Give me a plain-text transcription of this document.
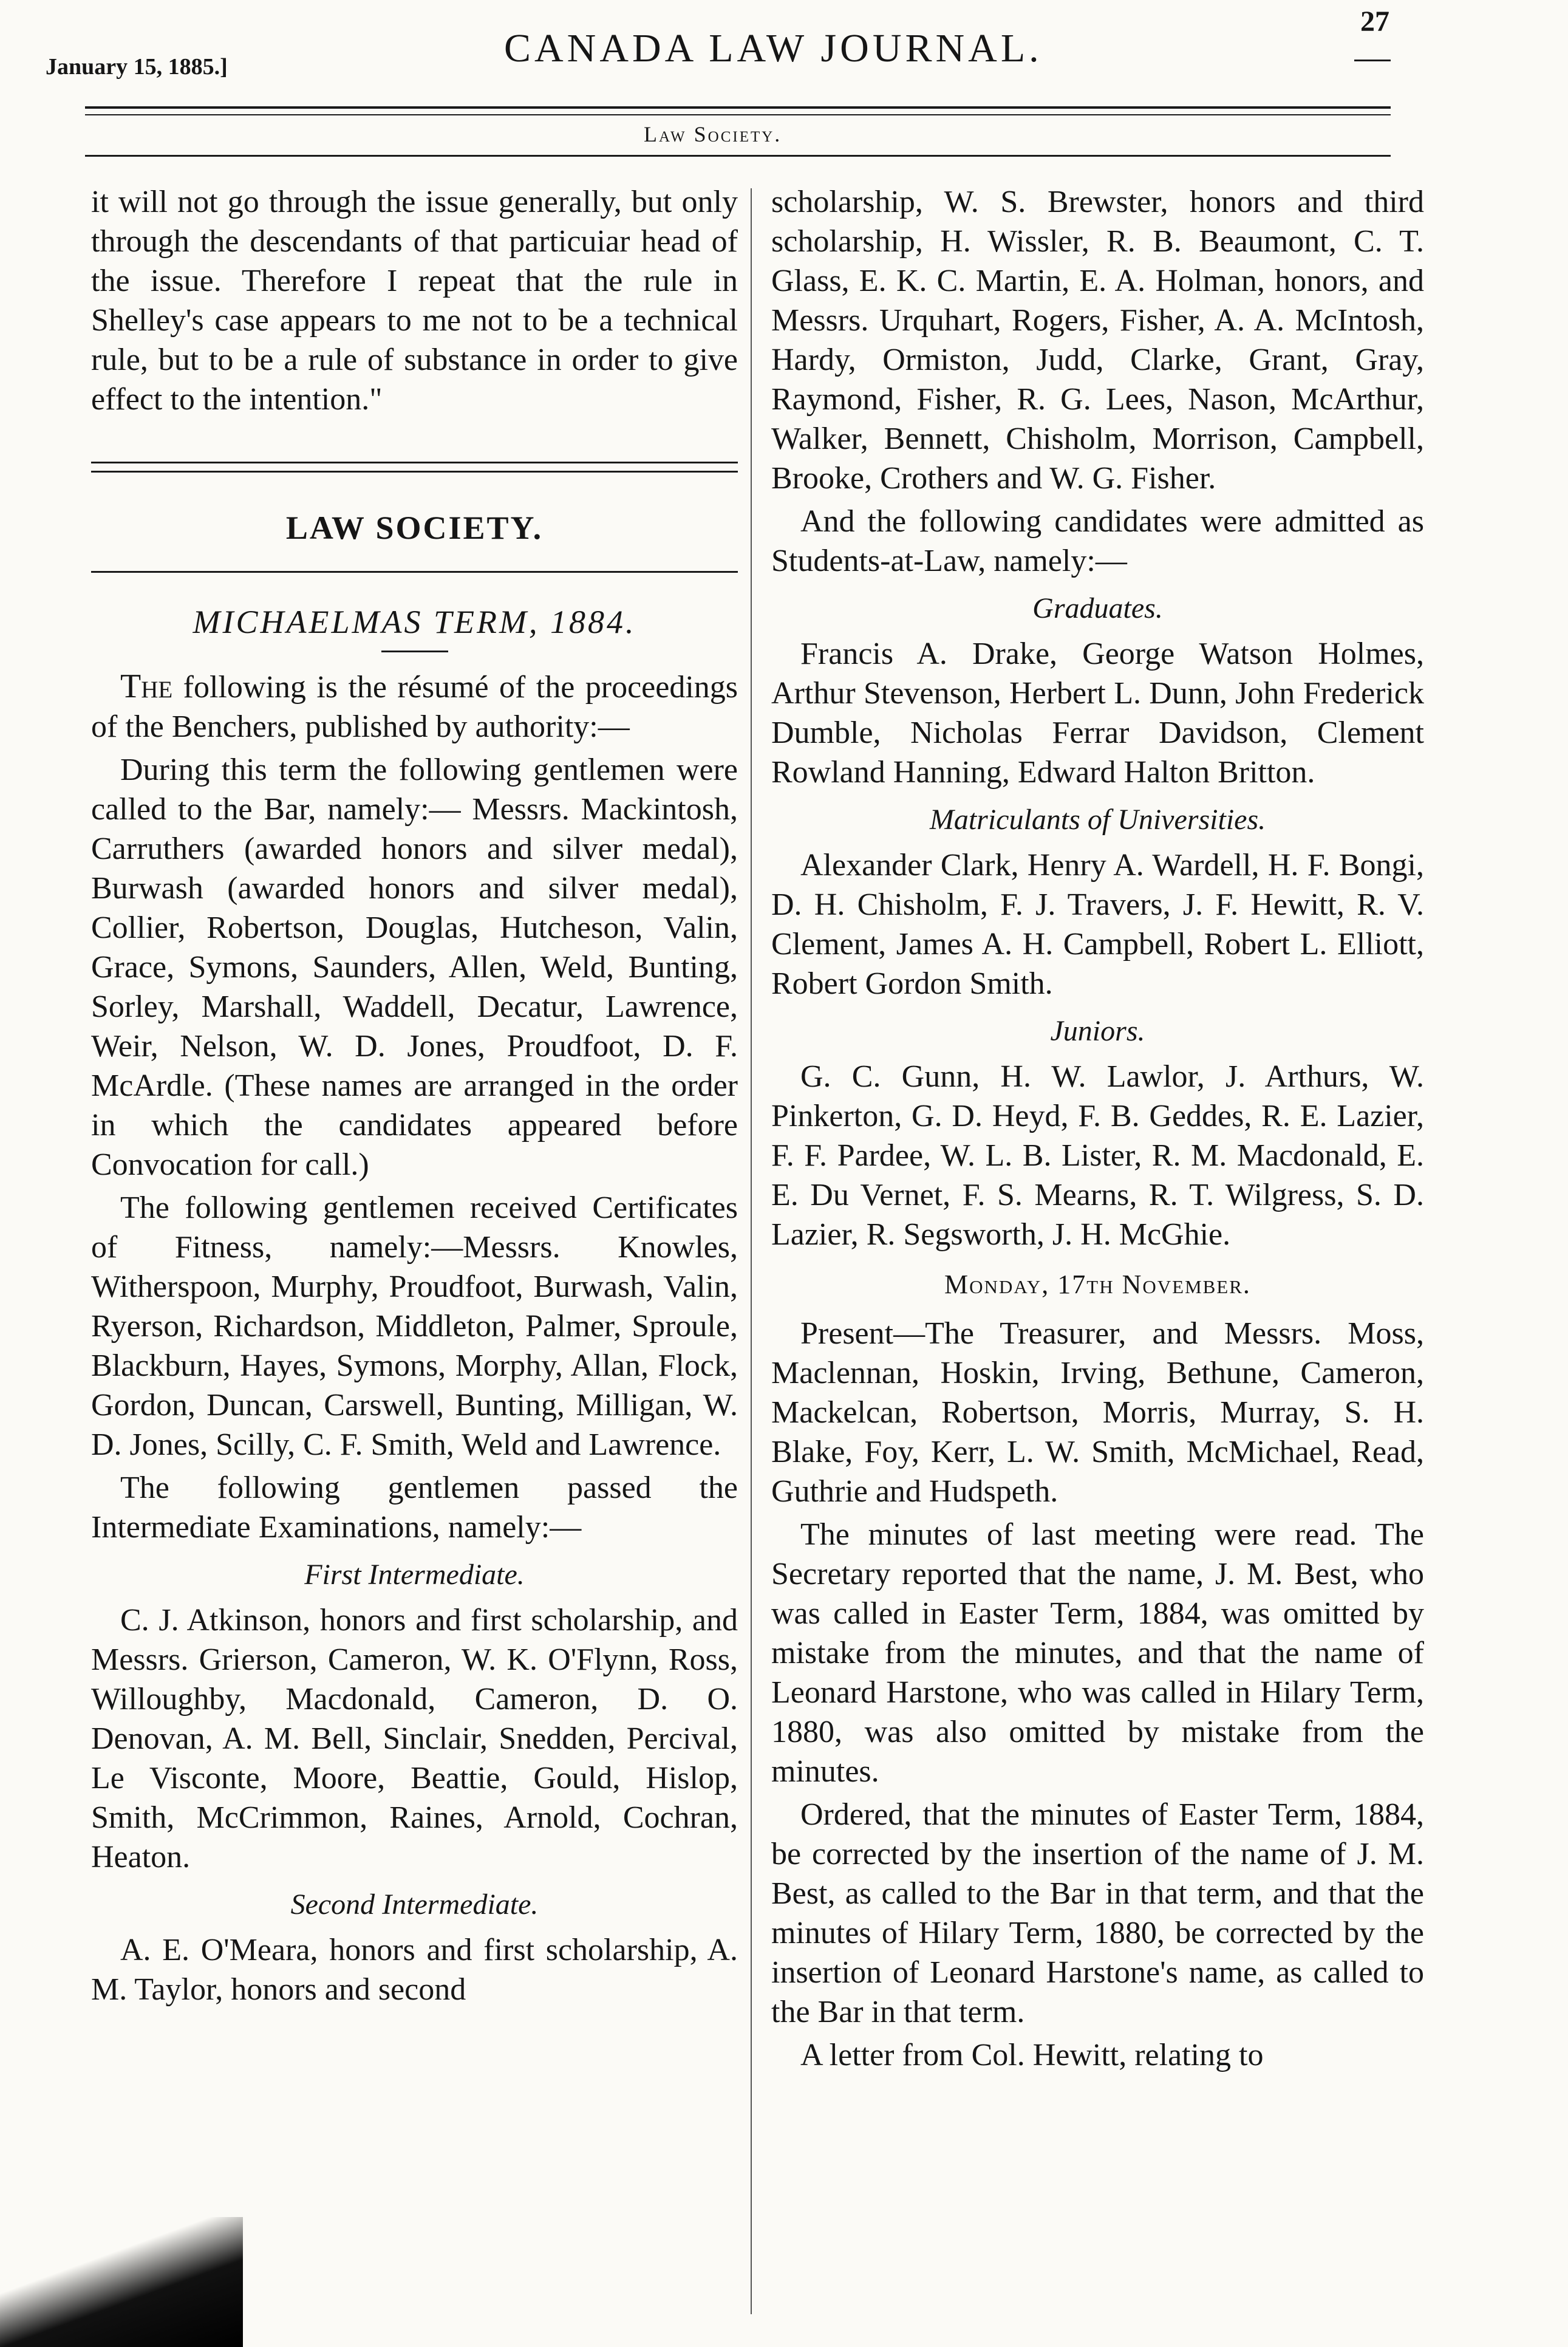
January 15, 1885.]	CANADA LAW JOURNAL.
27
Law Society.

it will not go through the issue generally, but only through the descendants of that particuiar head of the issue. Therefore I repeat that the rule in Shelley's case appears to me not to be a technical rule, but to be a rule of substance in order to give effect to the intention."

LAW SOCIETY.
MICHAELMAS TERM, 1884.

The following is the résumé of the proceedings of the Benchers, published by authority:—

During this term the following gentlemen were called to the Bar, namely:— Messrs. Mackintosh, Carruthers (awarded honors and silver medal), Burwash (awarded honors and silver medal), Collier, Robertson, Douglas, Hutcheson, Valin, Grace, Symons, Saunders, Allen, Weld, Bunting, Sorley, Marshall, Waddell, Decatur, Lawrence, Weir, Nelson, W. D. Jones, Proudfoot, D. F. McArdle. (These names are arranged in the order in which the candidates appeared before Convocation for call.)

The following gentlemen received Certificates of Fitness, namely:—Messrs. Knowles, Witherspoon, Murphy, Proudfoot, Burwash, Valin, Ryerson, Richardson, Middleton, Palmer, Sproule, Blackburn, Hayes, Symons, Morphy, Allan, Flock, Gordon, Duncan, Carswell, Bunting, Milligan, W. D. Jones, Scilly, C. F. Smith, Weld and Lawrence.

The following gentlemen passed the Intermediate Examinations, namely:—

First Intermediate.

C. J. Atkinson, honors and first scholarship, and Messrs. Grierson, Cameron, W. K. O'Flynn, Ross, Willoughby, Macdonald, Cameron, D. O. Denovan, A. M. Bell, Sinclair, Snedden, Percival, Le Visconte, Moore, Beattie, Gould, Hislop, Smith, McCrimmon, Raines, Arnold, Cochran, Heaton.

Second Intermediate.

A. E. O'Meara, honors and first scholarship, A. M. Taylor, honors and second

scholarship, W. S. Brewster, honors and third scholarship, H. Wissler, R. B. Beaumont, C. T. Glass, E. K. C. Martin, E. A. Holman, honors, and Messrs. Urquhart, Rogers, Fisher, A. A. McIntosh, Hardy, Ormiston, Judd, Clarke, Grant, Gray, Raymond, Fisher, R. G. Lees, Nason, McArthur, Walker, Bennett, Chisholm, Morrison, Campbell, Brooke, Crothers and W. G. Fisher.

And the following candidates were admitted as Students-at-Law, namely:—

Graduates.

Francis A. Drake, George Watson Holmes, Arthur Stevenson, Herbert L. Dunn, John Frederick Dumble, Nicholas Ferrar Davidson, Clement Rowland Hanning, Edward Halton Britton.

Matriculants of Universities.

Alexander Clark, Henry A. Wardell, H. F. Bongi, D. H. Chisholm, F. J. Travers, J. F. Hewitt, R. V. Clement, James A. H. Campbell, Robert L. Elliott, Robert Gordon Smith.

Juniors.

G. C. Gunn, H. W. Lawlor, J. Arthurs, W. Pinkerton, G. D. Heyd, F. B. Geddes, R. E. Lazier, F. F. Pardee, W. L. B. Lister, R. M. Macdonald, E. E. Du Vernet, F. S. Mearns, R. T. Wilgress, S. D. Lazier, R. Segsworth, J. H. McGhie.

Monday, 17th November.

Present—The Treasurer, and Messrs. Moss, Maclennan, Hoskin, Irving, Bethune, Cameron, Mackelcan, Robertson, Morris, Murray, S. H. Blake, Foy, Kerr, L. W. Smith, McMichael, Read, Guthrie and Hudspeth.

The minutes of last meeting were read. The Secretary reported that the name, J. M. Best, who was called in Easter Term, 1884, was omitted by mistake from the minutes, and that the name of Leonard Harstone, who was called in Hilary Term, 1880, was also omitted by mistake from the minutes.

Ordered, that the minutes of Easter Term, 1884, be corrected by the insertion of the name of J. M. Best, as called to the Bar in that term, and that the minutes of Hilary Term, 1880, be corrected by the insertion of Leonard Harstone's name, as called to the Bar in that term.

A letter from Col. Hewitt, relating to
